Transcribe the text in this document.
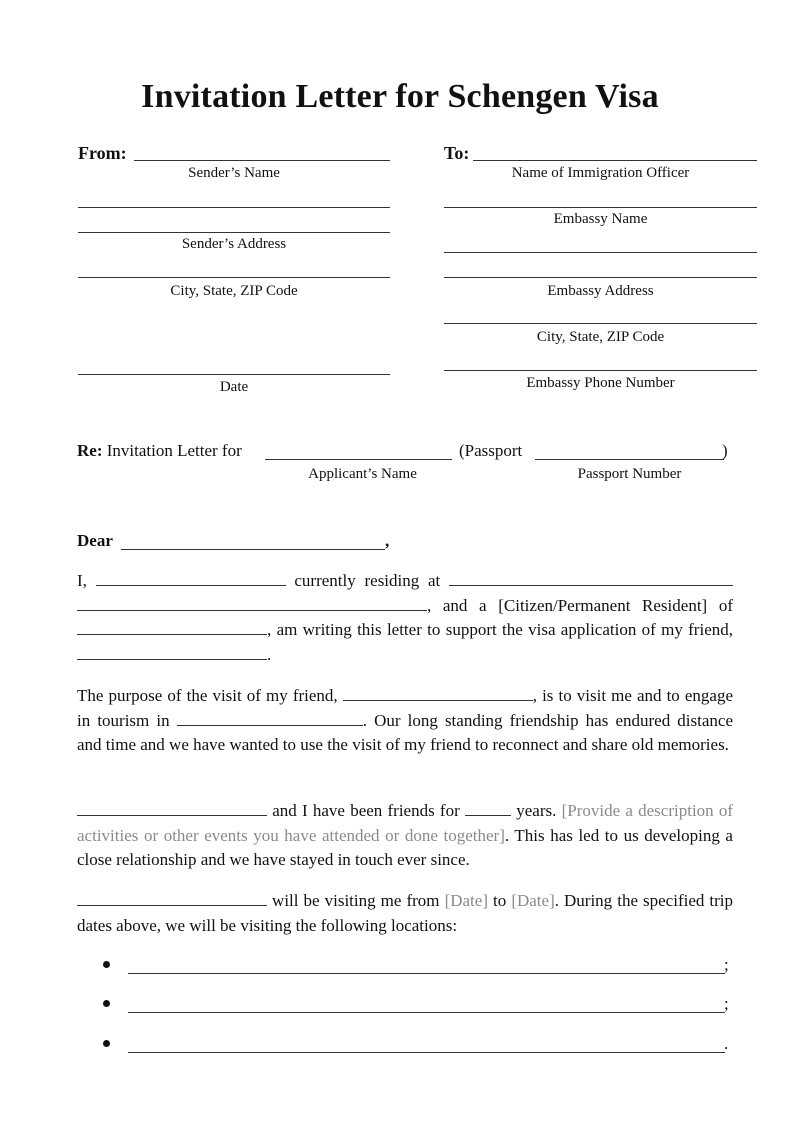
Invitation Letter for Schengen Visa
From:
Sender’s Name
Sender’s Address
City, State, ZIP Code
Date
To:
Name of Immigration Officer
Embassy Name
Embassy Address
City, State, ZIP Code
Embassy Phone Number
Re: Invitation Letter for	(Passport	)
Applicant’s Name	Passport Number
Dear	,
I,	currently residing at  , and a [Citizen/Permanent Resident] of , am writing this letter to support the visa application of my friend, .
The purpose of the visit of my friend,	, is to visit me and to engage in tourism in	. Our long standing friendship has endured distance and time and we have wanted to use the visit of my friend to reconnect and share old memories.
and I have been friends for	years. [Provide a description of activities or other events you have attended or done together]. This has led to us developing a close relationship and we have stayed in touch ever since.
will be visiting me from [Date] to [Date]. During the specified trip dates above, we will be visiting the following locations:
;
;
.
